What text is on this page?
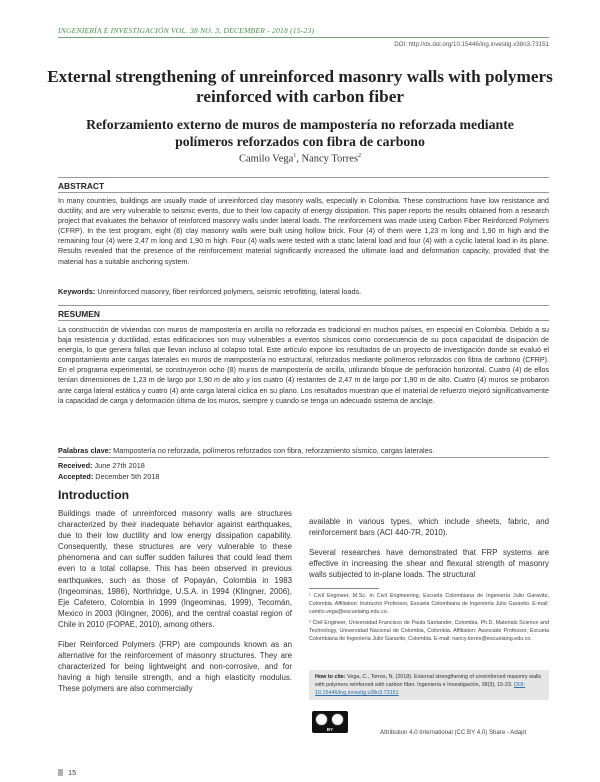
INGENIERÍA E INVESTIGACIÓN VOL. 38 NO. 3, DECEMBER - 2018 (15-23)
DOI: http://dx.doi.org/10.15446/ing.investig.v38n3.73151
External strengthening of unreinforced masonry walls with polymers reinforced with carbon fiber
Reforzamiento externo de muros de mampostería no reforzada mediante polímeros reforzados con fibra de carbono
Camilo Vega$^1$, Nancy Torres$^2$
ABSTRACT
In many countries, buildings are usually made of unreinforced clay masonry walls, especially in Colombia. These constructions have low resistance and ductility, and are very vulnerable to seismic events, due to their low capacity of energy dissipation. This paper reports the results obtained from a research project that evaluates the behavior of reinforced masonry walls under lateral loads. The reinforcement was made using Carbon Fiber Reinforced Polymers (CFRP). In the test program, eight (8) clay masonry walls were built using hollow brick. Four (4) of them were 1,23 m long and 1,90 m high and the remaining four (4) were 2,47 m long and 1,90 m high. Four (4) walls were tested with a static lateral load and four (4) with a cyclic lateral load in its plane. Results revealed that the presence of the reinforcement material significantly increased the ultimate load and deformation capacity, provided that the material has a suitable anchoring system.
Keywords: Unreinforced masonry, fiber reinforced polymers, seismic retrofitting, lateral loads.
RESUMEN
La construcción de viviendas con muros de mampostería en arcilla no reforzada es tradicional en muchos países, en especial en Colombia. Debido a su baja resistencia y ductilidad, estas edificaciones son muy vulnerables a eventos sísmicos como consecuencia de su poca capacidad de disipación de energía, lo que genera fallas que llevan incluso al colapso total. Este artículo expone los resultados de un proyecto de investigación donde se evaluó el comportamiento ante cargas laterales en muros de mampostería no estructural, reforzados mediante polímeros reforzados con fibra de carbono (CFRP). En el programa experimental, se construyeron ocho (8) muros de mampostería de arcilla, utilizando bloque de perforación horizontal. Cuatro (4) de ellos tenían dimensiones de 1,23 m de largo por 1,90 m de alto y los cuatro (4) restantes de 2,47 m de largo por 1,90 m de alto. Cuatro (4) muros se probaron ante carga lateral estática y cuatro (4) ante carga lateral cíclica en su plano. Los resultados muestran que el material de refuerzo mejoró significativamente la capacidad de carga y deformación última de los muros, siempre y cuando se tenga un adecuado sistema de anclaje.
Palabras clave: Mampostería no reforzada, polímeros reforzados con fibra, reforzamiento sísmico, cargas laterales.
Received: June 27th 2018
Accepted: December 5th 2018
Introduction

Buildings made of unreinforced masonry walls are structures characterized by their inadequate behavior against earthquakes, due to their low ductility and low energy dissipation capability. Consequently, these structures are very vulnerable to these phenomena and can suffer sudden failures that could lead them even to a total collapse. This has been observed in previous earthquakes, such as those of Popayán, Colombia in 1983 (Ingeominas, 1986), Northridge, U.S.A. in 1994 (Klingner, 2006), Eje Cafetero, Colombia in 1999 (Ingeominas, 1999), Tecomán, Mexico in 2003 (Klingner, 2006), and the central coastal region of Chile in 2010 (FOPAE, 2010), among others.

Fiber Reinforced Polymers (FRP) are compounds known as an alternative for the reinforcement of masonry structures. They are characterized for being lightweight and non-corrosive, and for having a high tensile strength, and a high elasticity modulus. These polymers are also commercially

available in various types, which include sheets, fabric, and reinforcement bars (ACI 440-7R, 2010).

Several researches have demonstrated that FRP systems are effective in increasing the shear and flexural strength of masonry walls subjected to in-plane loads. The structural

¹ Civil Engineer, M.Sc. in Civil Engineering, Escuela Colombiana de Ingeniería Julio Garavito, Colombia. Affiliation: Instructor Professor, Escuela Colombiana de Ingeniería Julio Garavito. E-mail: camilo.vega@escuelaing.edu.co.

² Civil Engineer, Universidad Francisco de Paula Santander, Colombia. Ph.D. Materials Science and Technology, Universidad Nacional de Colombia, Colombia. Affiliation: Associate Professor, Escuela Colombiana de Ingeniería Julio Garavito, Colombia. E-mail: nancy.torres@escuelaing.edu.co.

How to cite: Vega, C., Torres, N. (2018). External strengthening of unreinforced masonry walls with polymers reinforced with carbon fiber. Ingeniería e Investigación, 38(3), 15-23. DOI: 10.15446/ing.investig.v38n3.73151
BY	Attribution 4.0 International (CC BY 4.0) Share - Adapt
15
